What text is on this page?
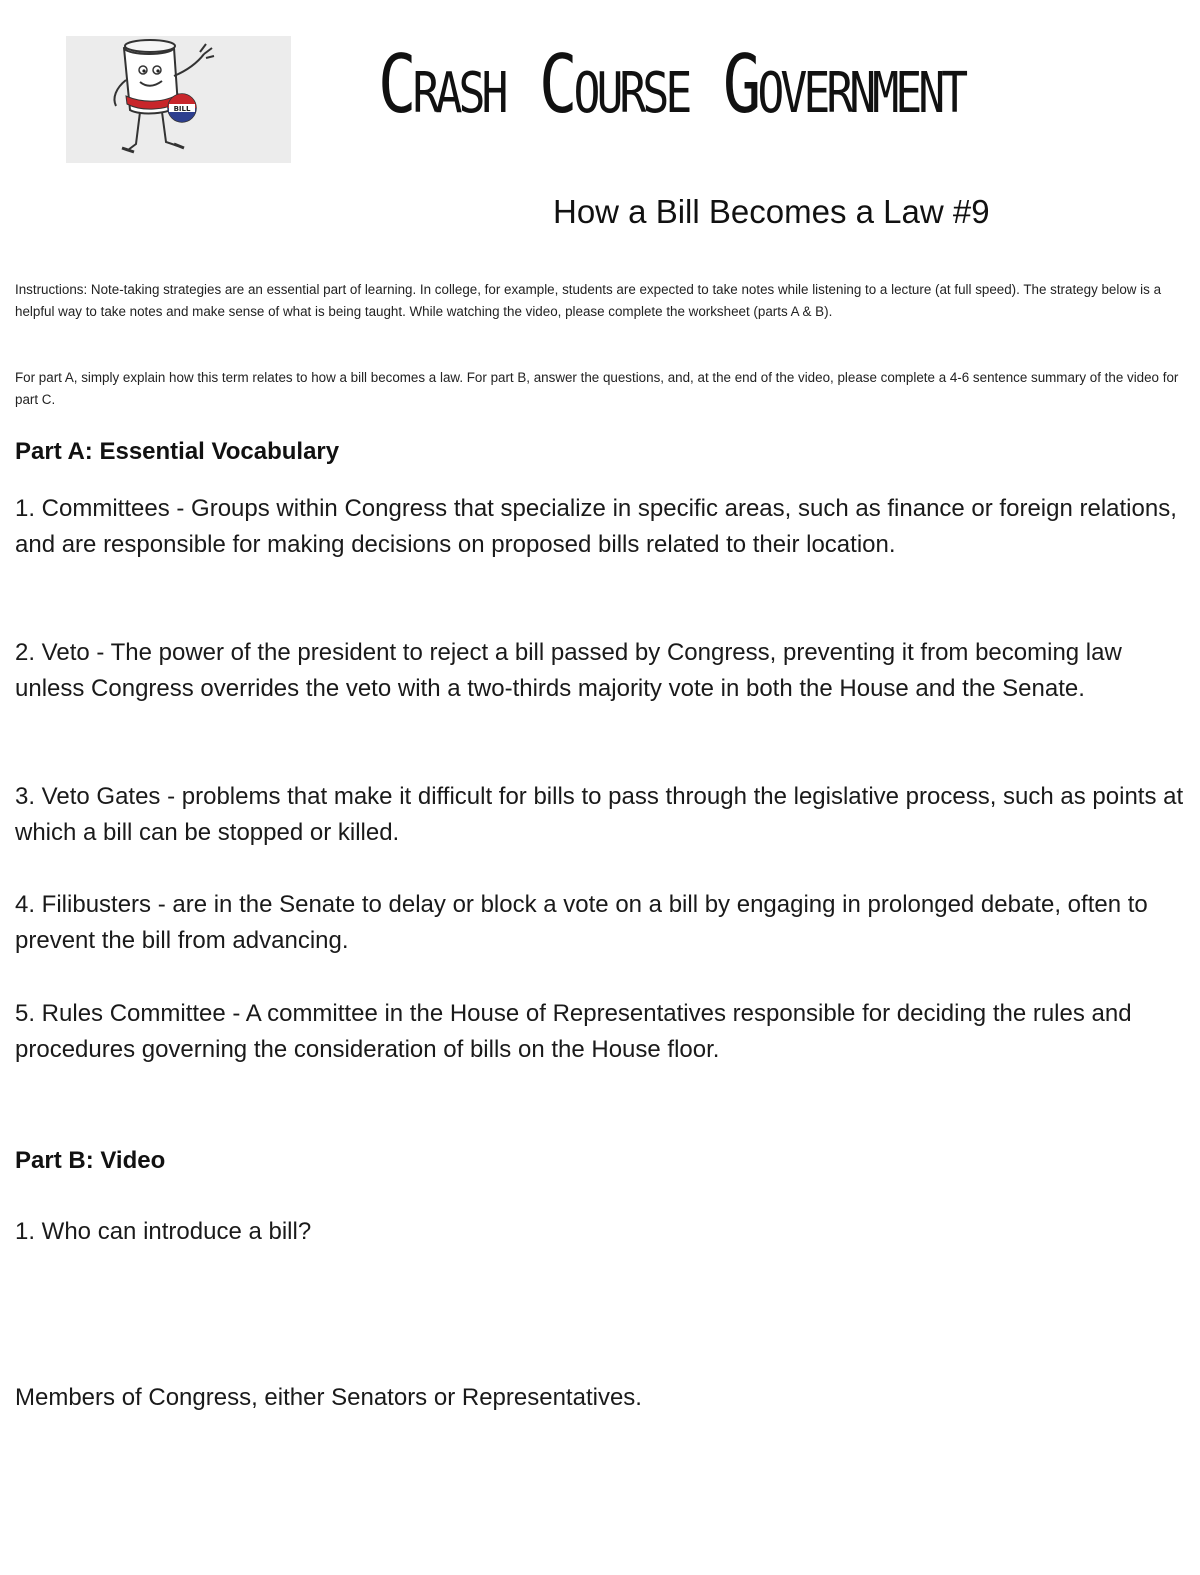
BILL Crash Course Government
How a Bill Becomes a Law #9
Instructions: Note-taking strategies are an essential part of learning. In college, for example, students are expected to take notes while listening to a lecture (at full speed). The strategy below is a helpful way to take notes and make sense of what is being taught. While watching the video, please complete the worksheet (parts A & B).
For part A, simply explain how this term relates to how a bill becomes a law. For part B, answer the questions, and, at the end of the video, please complete a 4-6 sentence summary of the video for part C.
Part A: Essential Vocabulary
1. Committees - Groups within Congress that specialize in specific areas, such as finance or foreign relations, and are responsible for making decisions on proposed bills related to their location.
2. Veto - The power of the president to reject a bill passed by Congress, preventing it from becoming law unless Congress overrides the veto with a two-thirds majority vote in both the House and the Senate.
3. Veto Gates - problems that make it difficult for bills to pass through the legislative process, such as points at which a bill can be stopped or killed.
4. Filibusters - are in the Senate to delay or block a vote on a bill by engaging in prolonged debate, often to prevent the bill from advancing.
5. Rules Committee - A committee in the House of Representatives responsible for deciding the rules and procedures governing the consideration of bills on the House floor.
Part B: Video
1. Who can introduce a bill?
Members of Congress, either Senators or Representatives.
